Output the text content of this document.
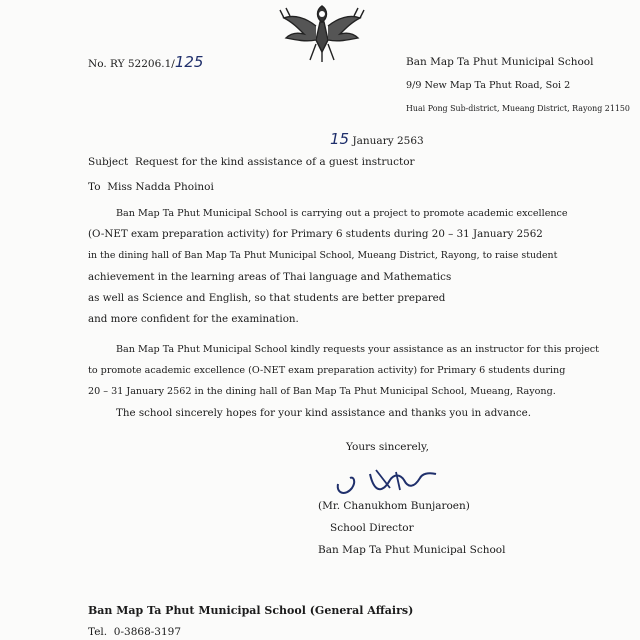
No. RY 52206.1/125	Ban Map Ta Phut Municipal School
9/9 New Map Ta Phut Road, Soi 2
Huai Pong Sub-district, Mueang District, Rayong 21150
15 January 2563
Subject Request for the kind assistance of a guest instructor
To Miss Nadda Phoinoi
Ban Map Ta Phut Municipal School is carrying out a project to promote academic excellence
(O-NET exam preparation activity) for Primary 6 students during 20 – 31 January 2562
in the dining hall of Ban Map Ta Phut Municipal School, Mueang District, Rayong, to raise student
achievement in the learning areas of Thai language and Mathematics
as well as Science and English, so that students are better prepared
and more confident for the examination.
Ban Map Ta Phut Municipal School kindly requests your assistance as an instructor for this project
to promote academic excellence (O-NET exam preparation activity) for Primary 6 students during
20 – 31 January 2562 in the dining hall of Ban Map Ta Phut Municipal School, Mueang, Rayong.
The school sincerely hopes for your kind assistance and thanks you in advance.
Yours sincerely,
(Mr. Chanukhom Bunjaroen)
School Director
Ban Map Ta Phut Municipal School
Ban Map Ta Phut Municipal School (General Affairs)
Tel. 0-3868-3197
